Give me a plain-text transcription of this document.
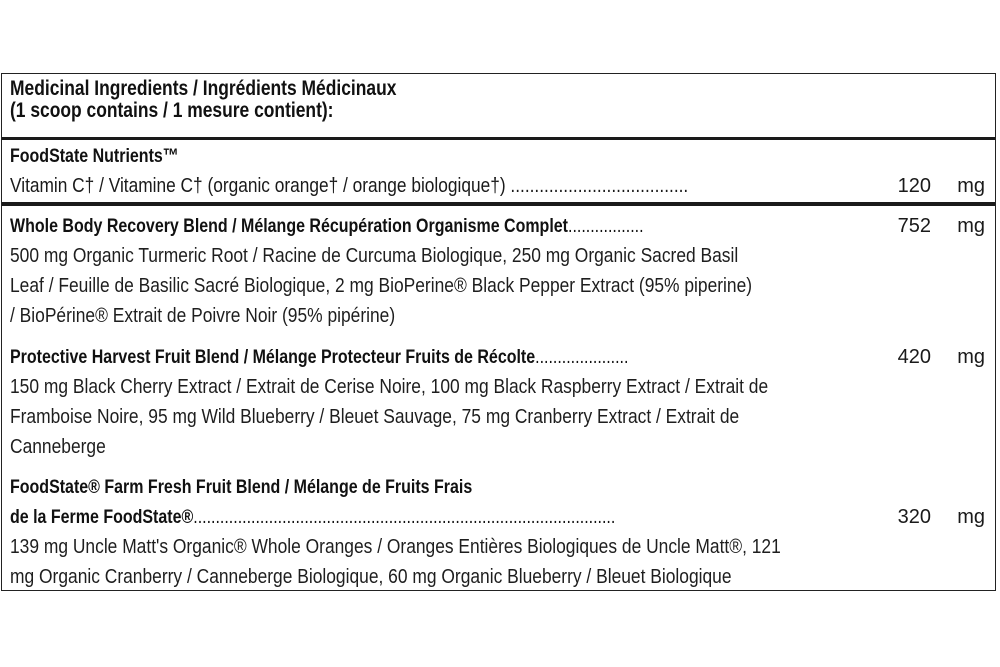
Medicinal Ingredients / Ingrédients Médicinaux
(1 scoop contains / 1 mesure contient):
FoodState Nutrients™
Vitamin C† / Vitamine C† (organic orange† / orange biologique†) .....................................	120	mg
Whole Body Recovery Blend / Mélange Récupération Organisme Complet.................	752	mg
500 mg Organic Turmeric Root / Racine de Curcuma Biologique, 250 mg Organic Sacred Basil
Leaf / Feuille de Basilic Sacré Biologique, 2 mg BioPerine® Black Pepper Extract (95% piperine)
/ BioPérine® Extrait de Poivre Noir (95% pipérine)
Protective Harvest Fruit Blend / Mélange Protecteur Fruits de Récolte.....................	420	mg
150 mg Black Cherry Extract / Extrait de Cerise Noire, 100 mg Black Raspberry Extract / Extrait de
Framboise Noire, 95 mg Wild Blueberry / Bleuet Sauvage, 75 mg Cranberry Extract / Extrait de
Canneberge
FoodState® Farm Fresh Fruit Blend / Mélange de Fruits Frais
de la Ferme FoodState®...............................................................................................	320	mg
139 mg Uncle Matt's Organic® Whole Oranges / Oranges Entières Biologiques de Uncle Matt®, 121
mg Organic Cranberry / Canneberge Biologique, 60 mg Organic Blueberry / Bleuet Biologique
